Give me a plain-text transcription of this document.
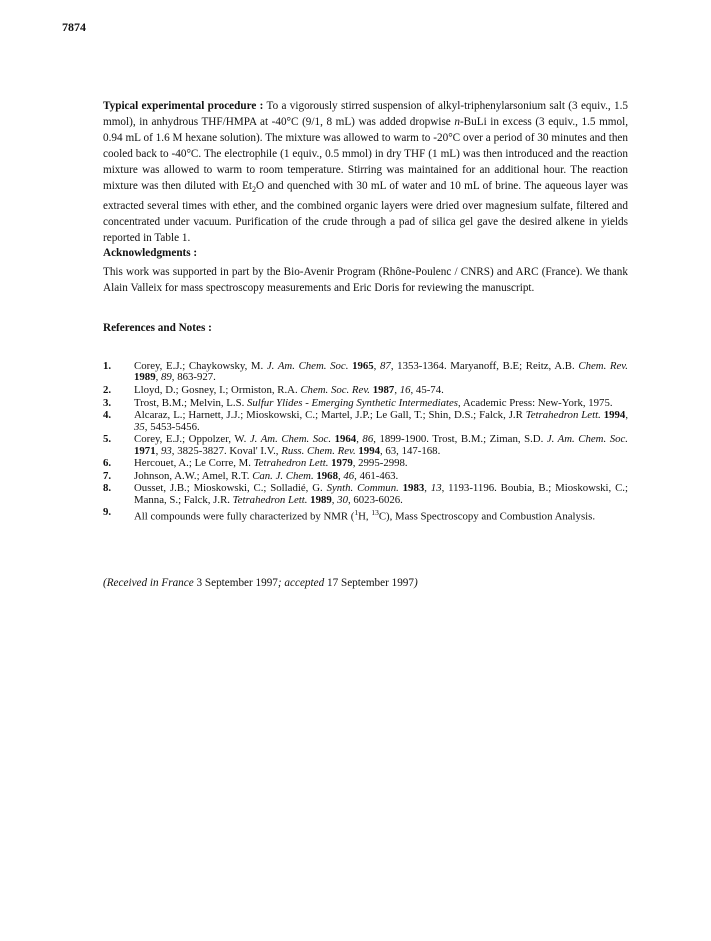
7874

Typical experimental procedure : To a vigorously stirred suspension of alkyl-triphenylarsonium salt (3 equiv., 1.5 mmol), in anhydrous THF/HMPA at -40°C (9/1, 8 mL) was added dropwise n-BuLi in excess (3 equiv., 1.5 mmol, 0.94 mL of 1.6 M hexane solution). The mixture was allowed to warm to -20°C over a period of 30 minutes and then cooled back to -40°C. The electrophile (1 equiv., 0.5 mmol) in dry THF (1 mL) was then introduced and the reaction mixture was allowed to warm to room temperature. Stirring was maintained for an additional hour. The reaction mixture was then diluted with $Et_2O$ and quenched with 30 mL of water and 10 mL of brine. The aqueous layer was extracted several times with ether, and the combined organic layers were dried over magnesium sulfate, filtered and concentrated under vacuum. Purification of the crude through a pad of silica gel gave the desired alkene in yields reported in Table 1.

Acknowledgments :

This work was supported in part by the Bio-Avenir Program (Rhône-Poulenc / CNRS) and ARC (France). We thank Alain Valleix for mass spectroscopy measurements and Eric Doris for reviewing the manuscript.

References and Notes :
1. Corey, E.J.; Chaykowsky, M. J. Am. Chem. Soc. 1965, 87, 1353-1364. Maryanoff, B.E; Reitz, A.B. Chem. Rev. 1989, 89, 863-927.
2. Lloyd, D.; Gosney, I.; Ormiston, R.A. Chem. Soc. Rev. 1987, 16, 45-74.
3. Trost, B.M.; Melvin, L.S. Sulfur Ylides - Emerging Synthetic Intermediates, Academic Press: New-York, 1975.
4. Alcaraz, L.; Harnett, J.J.; Mioskowski, C.; Martel, J.P.; Le Gall, T.; Shin, D.S.; Falck, J.R Tetrahedron Lett. 1994, 35, 5453-5456.
5. Corey, E.J.; Oppolzer, W. J. Am. Chem. Soc. 1964, 86, 1899-1900. Trost, B.M.; Ziman, S.D. J. Am. Chem. Soc. 1971, 93, 3825-3827. Koval' I.V., Russ. Chem. Rev. 1994, 63, 147-168.
6. Hercouet, A.; Le Corre, M. Tetrahedron Lett. 1979, 2995-2998.
7. Johnson, A.W.; Amel, R.T. Can. J. Chem. 1968, 46, 461-463.
8. Ousset, J.B.; Mioskowski, C.; Solladié, G. Synth. Commun. 1983, 13, 1193-1196. Boubia, B.; Mioskowski, C.; Manna, S.; Falck, J.R. Tetrahedron Lett. 1989, 30, 6023-6026.
9. All compounds were fully characterized by NMR ($^1$H, $^{13}$C), Mass Spectroscopy and Combustion Analysis.

(Received in France 3 September 1997; accepted 17 September 1997)
